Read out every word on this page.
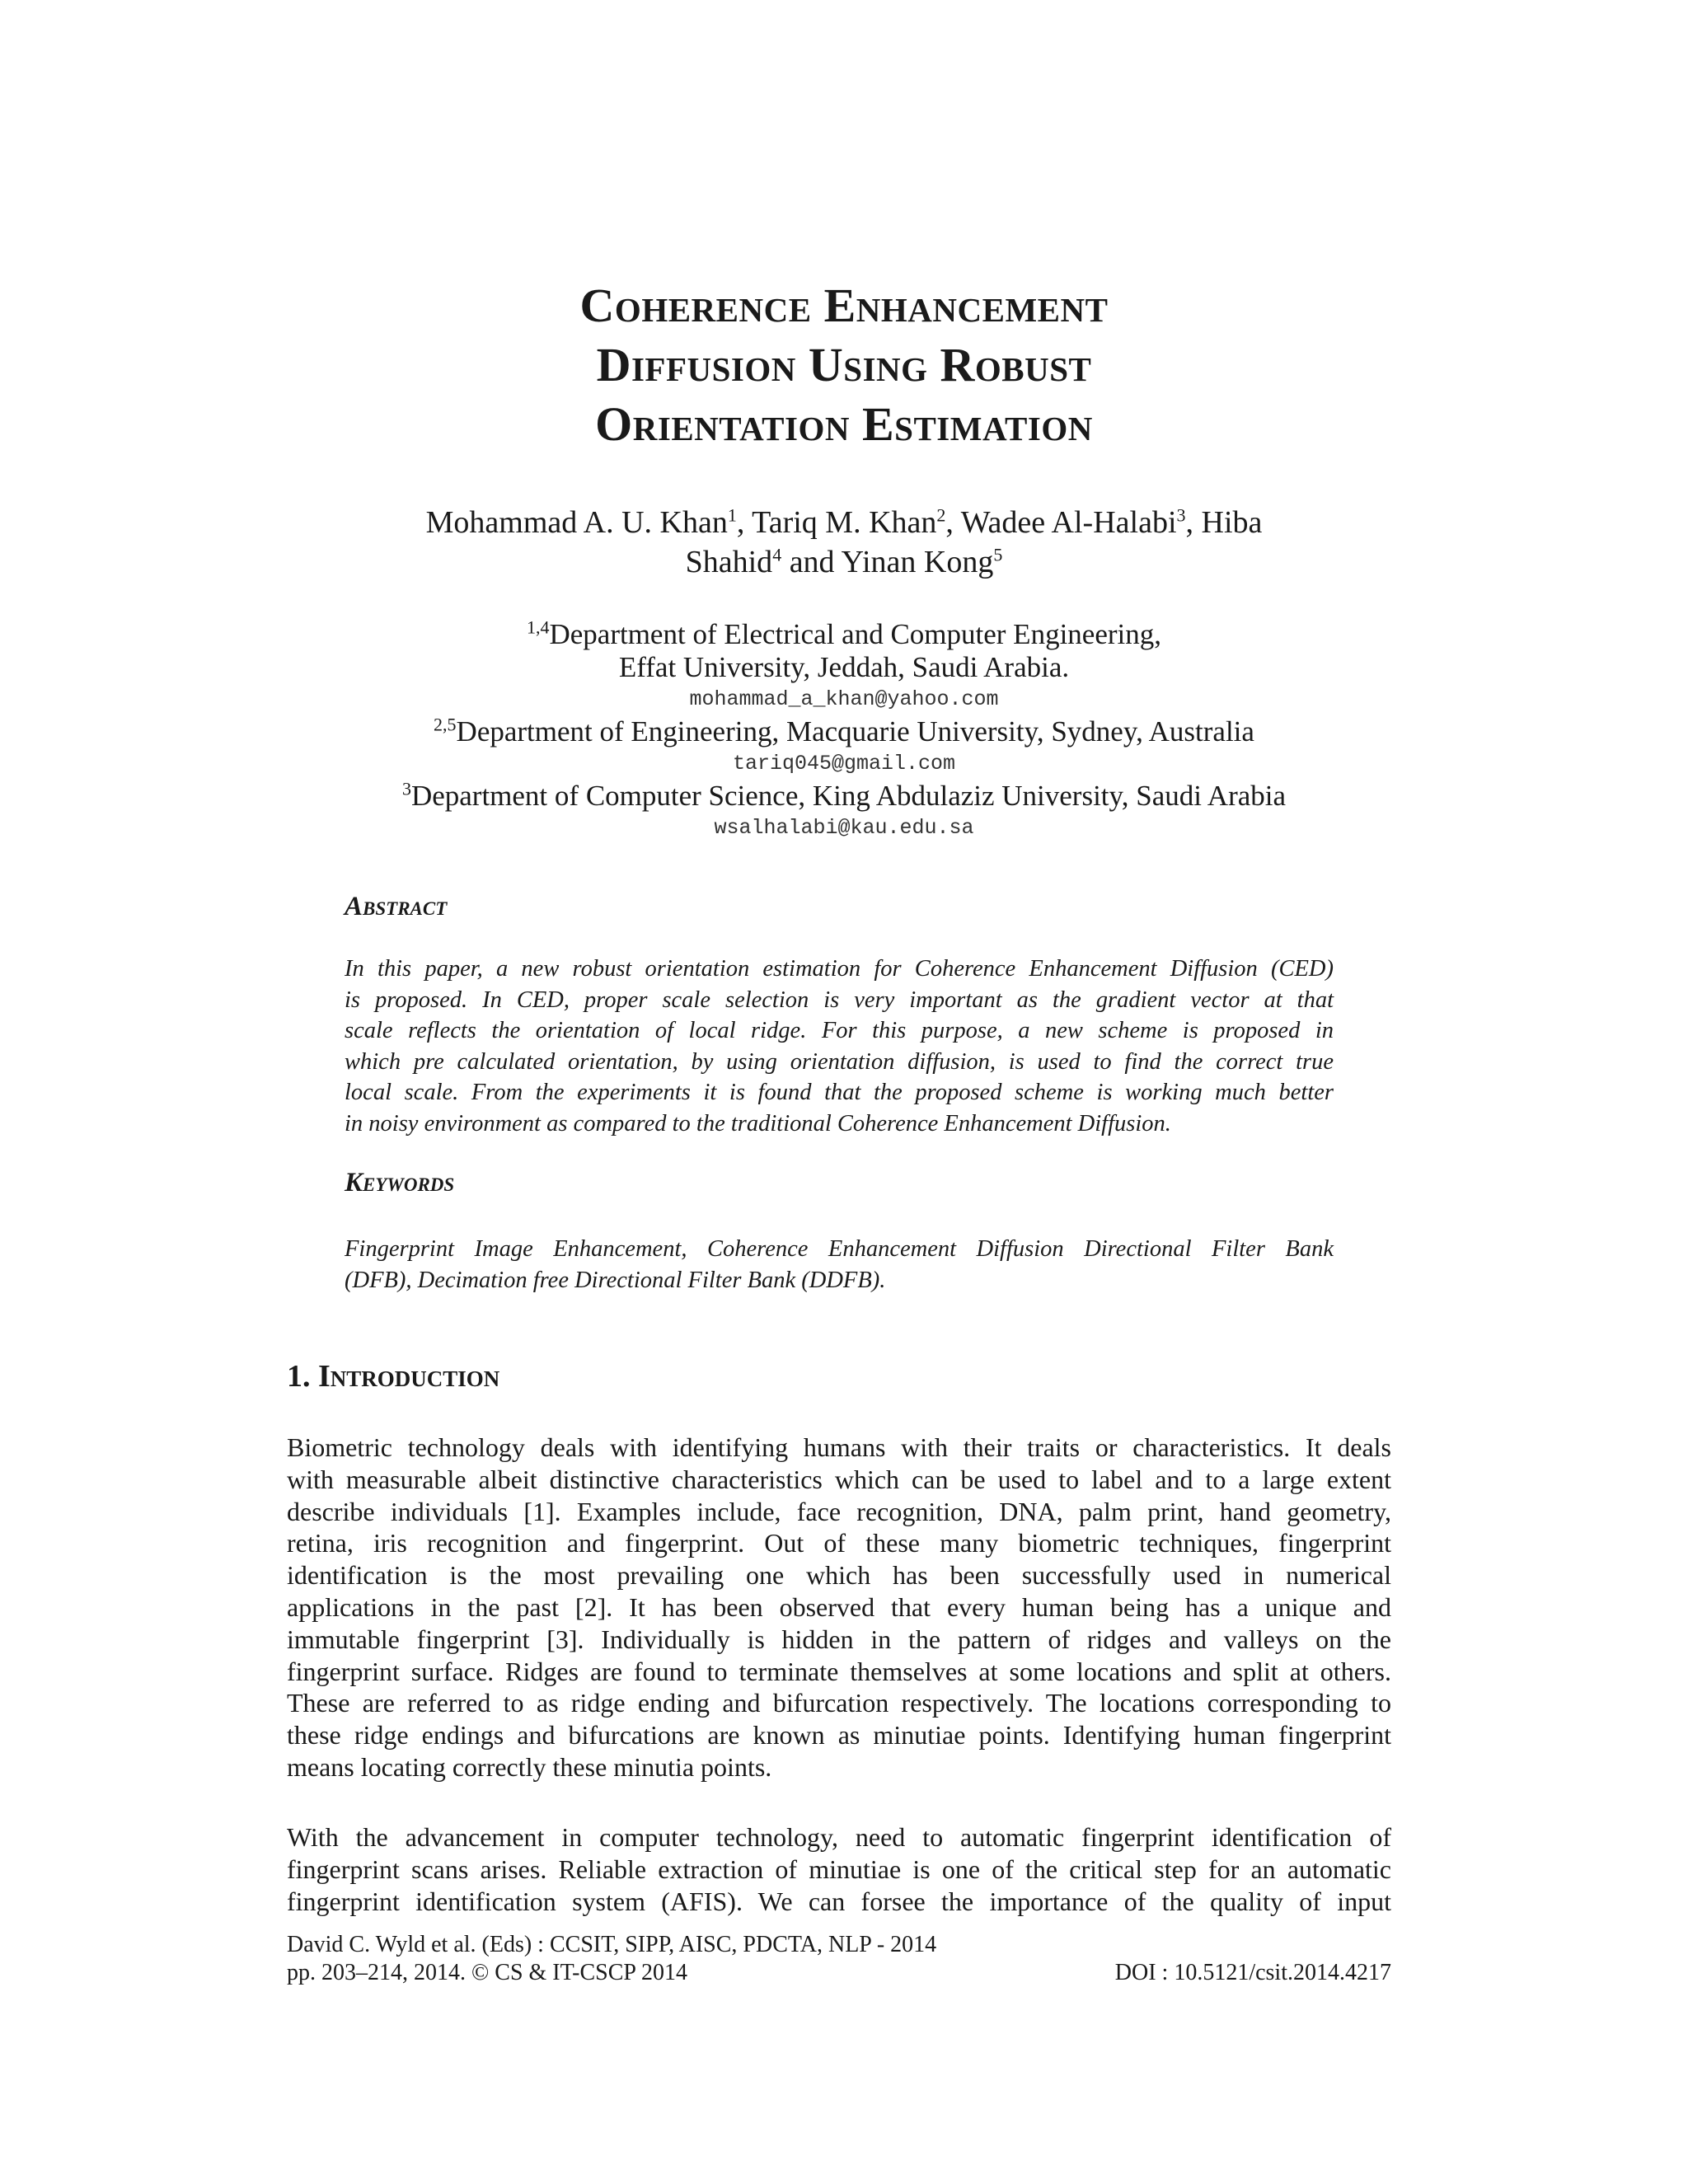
Coherence Enhancement
Diffusion Using Robust
Orientation Estimation
Mohammad A. U. Khan$^1$, Tariq M. Khan$^2$, Wadee Al-Halabi$^3$, Hiba
Shahid$^4$ and Yinan Kong$^5$
$^{1,4}$Department of Electrical and Computer Engineering,
Effat University, Jeddah, Saudi Arabia.
mohammad_a_khan@yahoo.com
$^{2,5}$Department of Engineering, Macquarie University, Sydney, Australia
tariq045@gmail.com
$^3$Department of Computer Science, King Abdulaziz University, Saudi Arabia
wsalhalabi@kau.edu.sa
Abstract
In this paper, a new robust orientation estimation for Coherence Enhancement Diffusion (CED)
is proposed. In CED, proper scale selection is very important as the gradient vector at that
scale reflects the orientation of local ridge. For this purpose, a new scheme is proposed in
which pre calculated orientation, by using orientation diffusion, is used to find the correct true
local scale. From the experiments it is found that the proposed scheme is working much better
in noisy environment as compared to the traditional Coherence Enhancement Diffusion.
Keywords
Fingerprint Image Enhancement, Coherence Enhancement Diffusion Directional Filter Bank
(DFB), Decimation free Directional Filter Bank (DDFB).
1. Introduction
Biometric technology deals with identifying humans with their traits or characteristics. It deals
with measurable albeit distinctive characteristics which can be used to label and to a large extent
describe individuals [1]. Examples include, face recognition, DNA, palm print, hand geometry,
retina, iris recognition and fingerprint. Out of these many biometric techniques, fingerprint
identification is the most prevailing one which has been successfully used in numerical
applications in the past [2]. It has been observed that every human being has a unique and
immutable fingerprint [3]. Individually is hidden in the pattern of ridges and valleys on the
fingerprint surface. Ridges are found to terminate themselves at some locations and split at others.
These are referred to as ridge ending and bifurcation respectively. The locations corresponding to
these ridge endings and bifurcations are known as minutiae points. Identifying human fingerprint
means locating correctly these minutia points.
With the advancement in computer technology, need to automatic fingerprint identification of
fingerprint scans arises. Reliable extraction of minutiae is one of the critical step for an automatic
fingerprint identification system (AFIS). We can forsee the importance of the quality of input
David C. Wyld et al. (Eds) : CCSIT, SIPP, AISC, PDCTA, NLP - 2014
pp. 203–214, 2014. © CS & IT-CSCP 2014	DOI : 10.5121/csit.2014.4217
